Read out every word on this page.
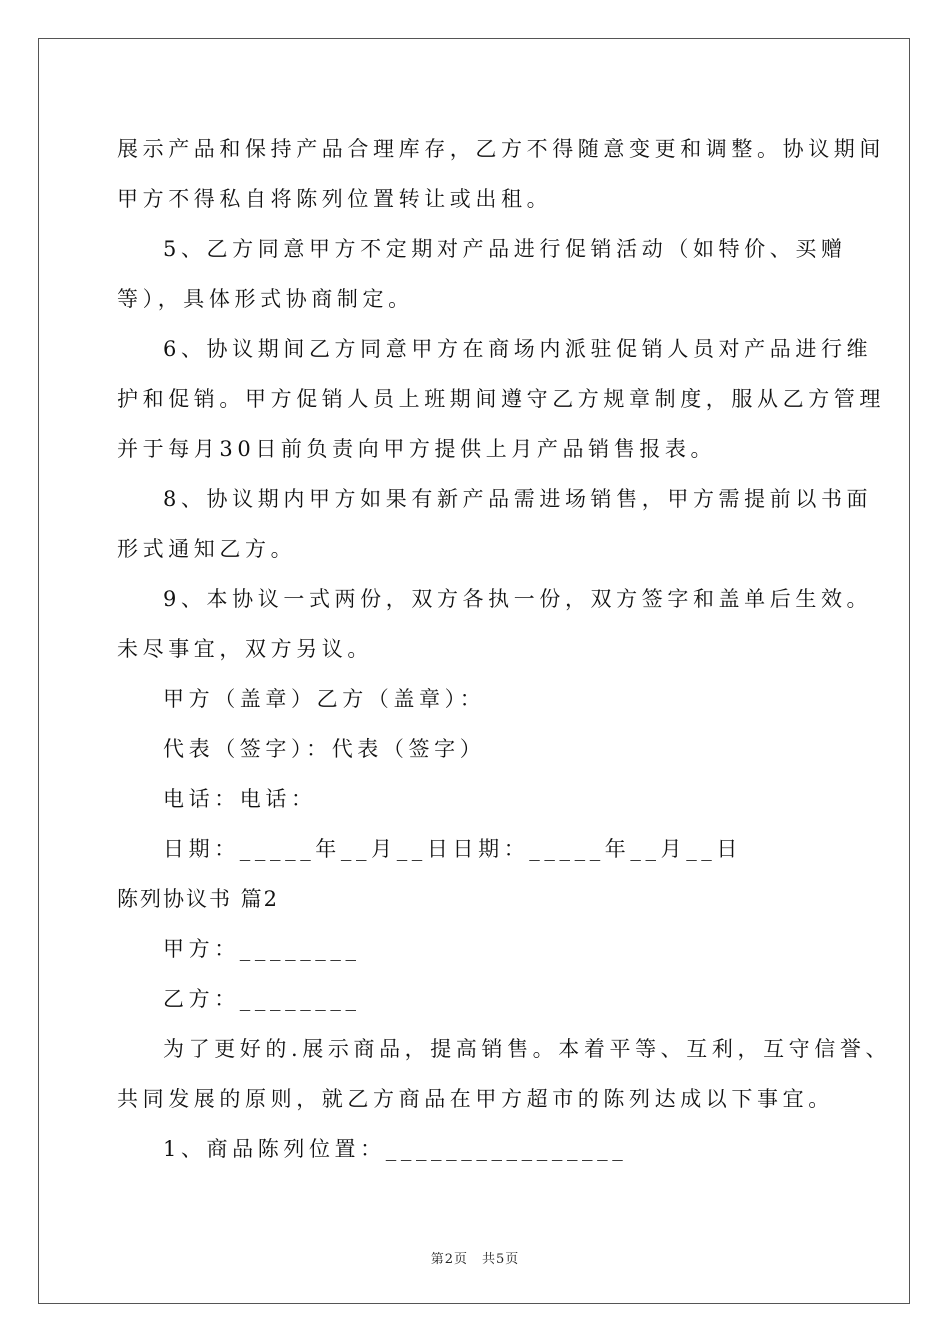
展示产品和保持产品合理库存，乙方不得随意变更和调整。协议期间
甲方不得私自将陈列位置转让或出租。
5、乙方同意甲方不定期对产品进行促销活动（如特价、买赠
等），具体形式协商制定。
6、协议期间乙方同意甲方在商场内派驻促销人员对产品进行维
护和促销。甲方促销人员上班期间遵守乙方规章制度，服从乙方管理
并于每月30日前负责向甲方提供上月产品销售报表。
8、协议期内甲方如果有新产品需进场销售，甲方需提前以书面
形式通知乙方。
9、本协议一式两份，双方各执一份，双方签字和盖单后生效。
未尽事宜，双方另议。
甲方（盖章）乙方（盖章）：
代表（签字）：代表（签字）
电话：电话：
日期：_____年__月__日日期：_____年__月__日
陈列协议书 篇2
甲方：________
乙方：________
为了更好的.展示商品，提高销售。本着平等、互利，互守信誉、
共同发展的原则，就乙方商品在甲方超市的陈列达成以下事宜。
1、商品陈列位置：________________
第2页　共5页
